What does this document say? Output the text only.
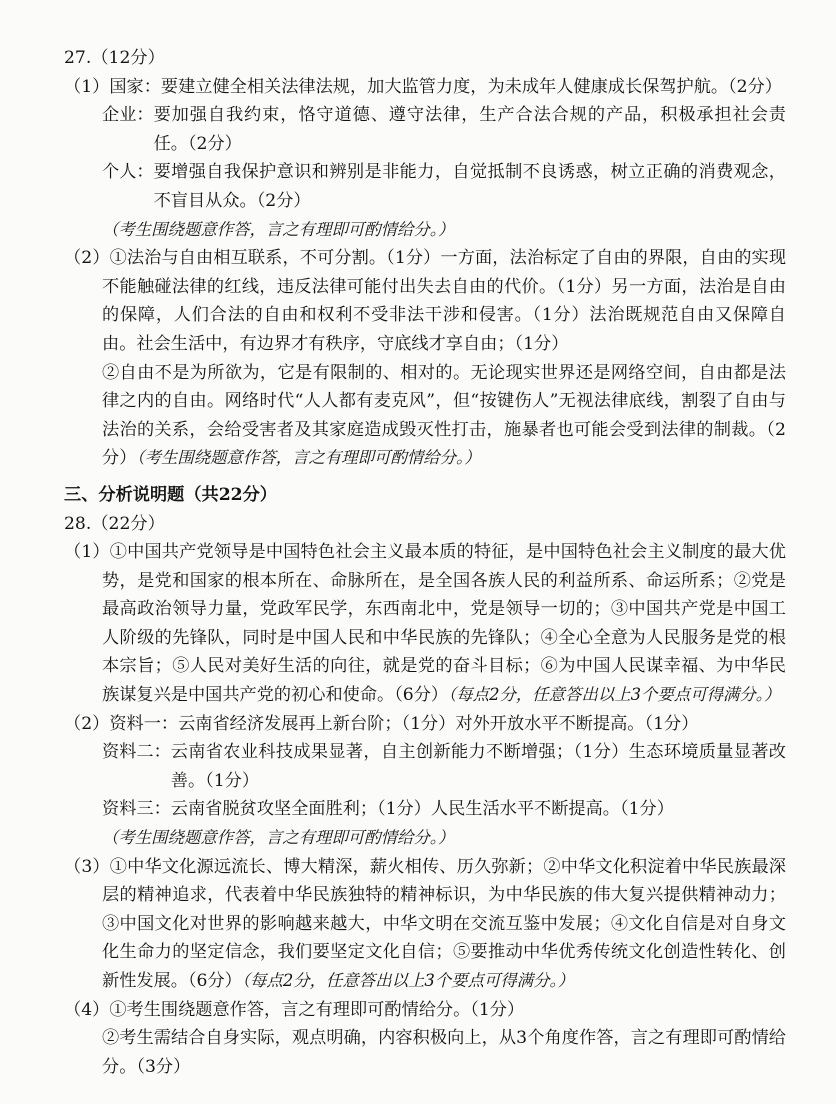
27.（12分）
（1）国家：要建立健全相关法律法规，加大监管力度，为未成年人健康成长保驾护航。（2分）
企业： 要加强自我约束，恪守道德、遵守法律，生产合法合规的产品，积极承担社会责任。（2分）
个人： 要增强自我保护意识和辨别是非能力，自觉抵制不良诱惑，树立正确的消费观念，不盲目从众。（2分）
（考生围绕题意作答，言之有理即可酌情给分。）
（2）①法治与自由相互联系，不可分割。（1分）一方面，法治标定了自由的界限，自由的实现不能触碰法律的红线，违反法律可能付出失去自由的代价。（1分）另一方面，法治是自由的保障，人们合法的自由和权利不受非法干涉和侵害。（1分）法治既规范自由又保障自由。社会生活中，有边界才有秩序，守底线才享自由；（1分）
②自由不是为所欲为，它是有限制的、相对的。无论现实世界还是网络空间，自由都是法律之内的自由。网络时代“人人都有麦克风”，但“按键伤人”无视法律底线，割裂了自由与法治的关系，会给受害者及其家庭造成毁灭性打击，施暴者也可能会受到法律的制裁。（2分）（考生围绕题意作答，言之有理即可酌情给分。）
三、分析说明题（共22分）
28.（22分）
（1）①中国共产党领导是中国特色社会主义最本质的特征，是中国特色社会主义制度的最大优势，是党和国家的根本所在、命脉所在，是全国各族人民的利益所系、命运所系；②党是最高政治领导力量，党政军民学，东西南北中，党是领导一切的；③中国共产党是中国工人阶级的先锋队，同时是中国人民和中华民族的先锋队；④全心全意为人民服务是党的根本宗旨；⑤人民对美好生活的向往，就是党的奋斗目标；⑥为中国人民谋幸福、为中华民族谋复兴是中国共产党的初心和使命。（6分）（每点2分，任意答出以上3个要点可得满分。）
（2）资料一：云南省经济发展再上新台阶；（1分）对外开放水平不断提高。（1分）
资料二： 云南省农业科技成果显著，自主创新能力不断增强；（1分）生态环境质量显著改善。（1分）
资料三： 云南省脱贫攻坚全面胜利；（1分）人民生活水平不断提高。（1分）
（考生围绕题意作答，言之有理即可酌情给分。）
（3）①中华文化源远流长、博大精深，薪火相传、历久弥新；②中华文化积淀着中华民族最深层的精神追求，代表着中华民族独特的精神标识，为中华民族的伟大复兴提供精神动力；③中国文化对世界的影响越来越大，中华文明在交流互鉴中发展；④文化自信是对自身文化生命力的坚定信念，我们要坚定文化自信；⑤要推动中华优秀传统文化创造性转化、创新性发展。（6分）（每点2分，任意答出以上3个要点可得满分。）
（4）①考生围绕题意作答，言之有理即可酌情给分。（1分）
②考生需结合自身实际，观点明确，内容积极向上，从3个角度作答，言之有理即可酌情给分。（3分）
